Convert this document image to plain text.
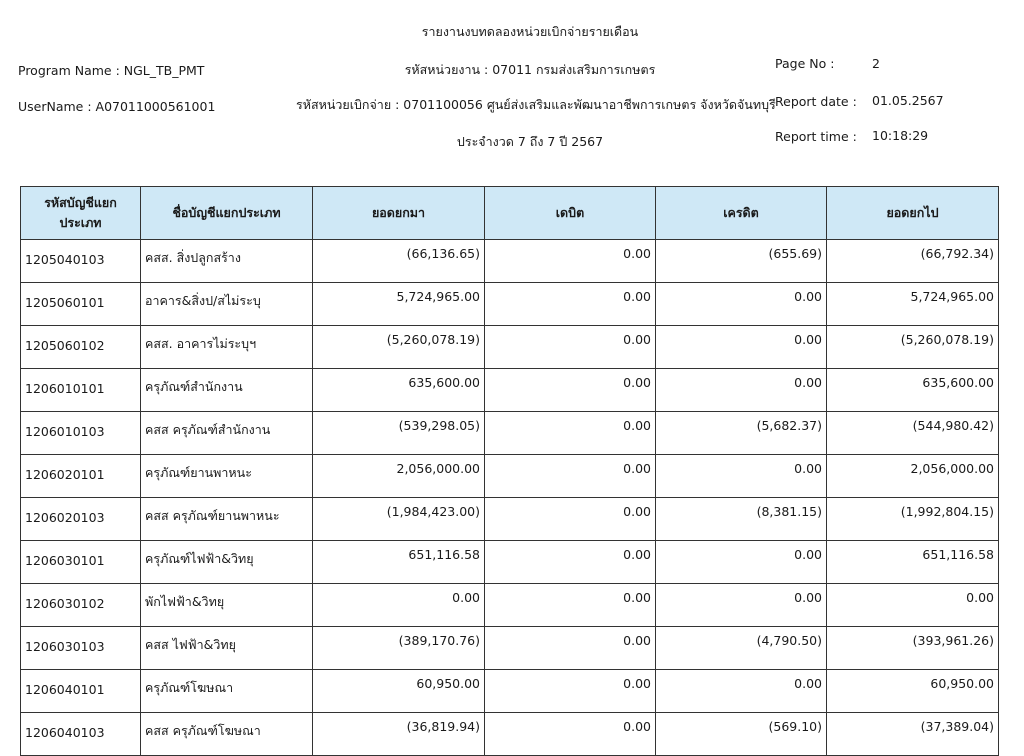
รายงานงบทดลองหน่วยเบิกจ่ายรายเดือน
Program Name : NGL_TB_PMT	รหัสหน่วยงาน : 07011 กรมส่งเสริมการเกษตร	Page No :	2
UserName : A07011000561001	รหัสหน่วยเบิกจ่าย : 0701100056 ศูนย์ส่งเสริมและพัฒนาอาชีพการเกษตร จังหวัดจันทบุรี Report date : 01.05.2567
ประจำงวด 7 ถึง 7 ปี 2567	Report time : 10:18:29
รหัสบัญชีแยกประเภท	ชื่อบัญชีแยกประเภท	ยอดยกมา	เดบิต	เครดิต	ยอดยกไป
1205040103	คสส. สิ่งปลูกสร้าง	(66,136.65)	0.00	(655.69)	(66,792.34)
1205060101	อาคาร&สิ่งป/สไม่ระบุ	5,724,965.00	0.00	0.00	5,724,965.00
1205060102	คสส. อาคารไม่ระบุฯ	(5,260,078.19)	0.00	0.00	(5,260,078.19)
1206010101	ครุภัณฑ์สำนักงาน	635,600.00	0.00	0.00	635,600.00
1206010103	คสส ครุภัณฑ์สำนักงาน	(539,298.05)	0.00	(5,682.37)	(544,980.42)
1206020101	ครุภัณฑ์ยานพาหนะ	2,056,000.00	0.00	0.00	2,056,000.00
1206020103	คสส ครุภัณฑ์ยานพาหนะ	(1,984,423.00)	0.00	(8,381.15)	(1,992,804.15)
1206030101	ครุภัณฑ์ไฟฟ้า&วิทยุ	651,116.58	0.00	0.00	651,116.58
1206030102	พักไฟฟ้า&วิทยุ	0.00	0.00	0.00	0.00
1206030103	คสส ไฟฟ้า&วิทยุ	(389,170.76)	0.00	(4,790.50)	(393,961.26)
1206040101	ครุภัณฑ์โฆษณา	60,950.00	0.00	0.00	60,950.00
1206040103	คสส ครุภัณฑ์โฆษณา	(36,819.94)	0.00	(569.10)	(37,389.04)
